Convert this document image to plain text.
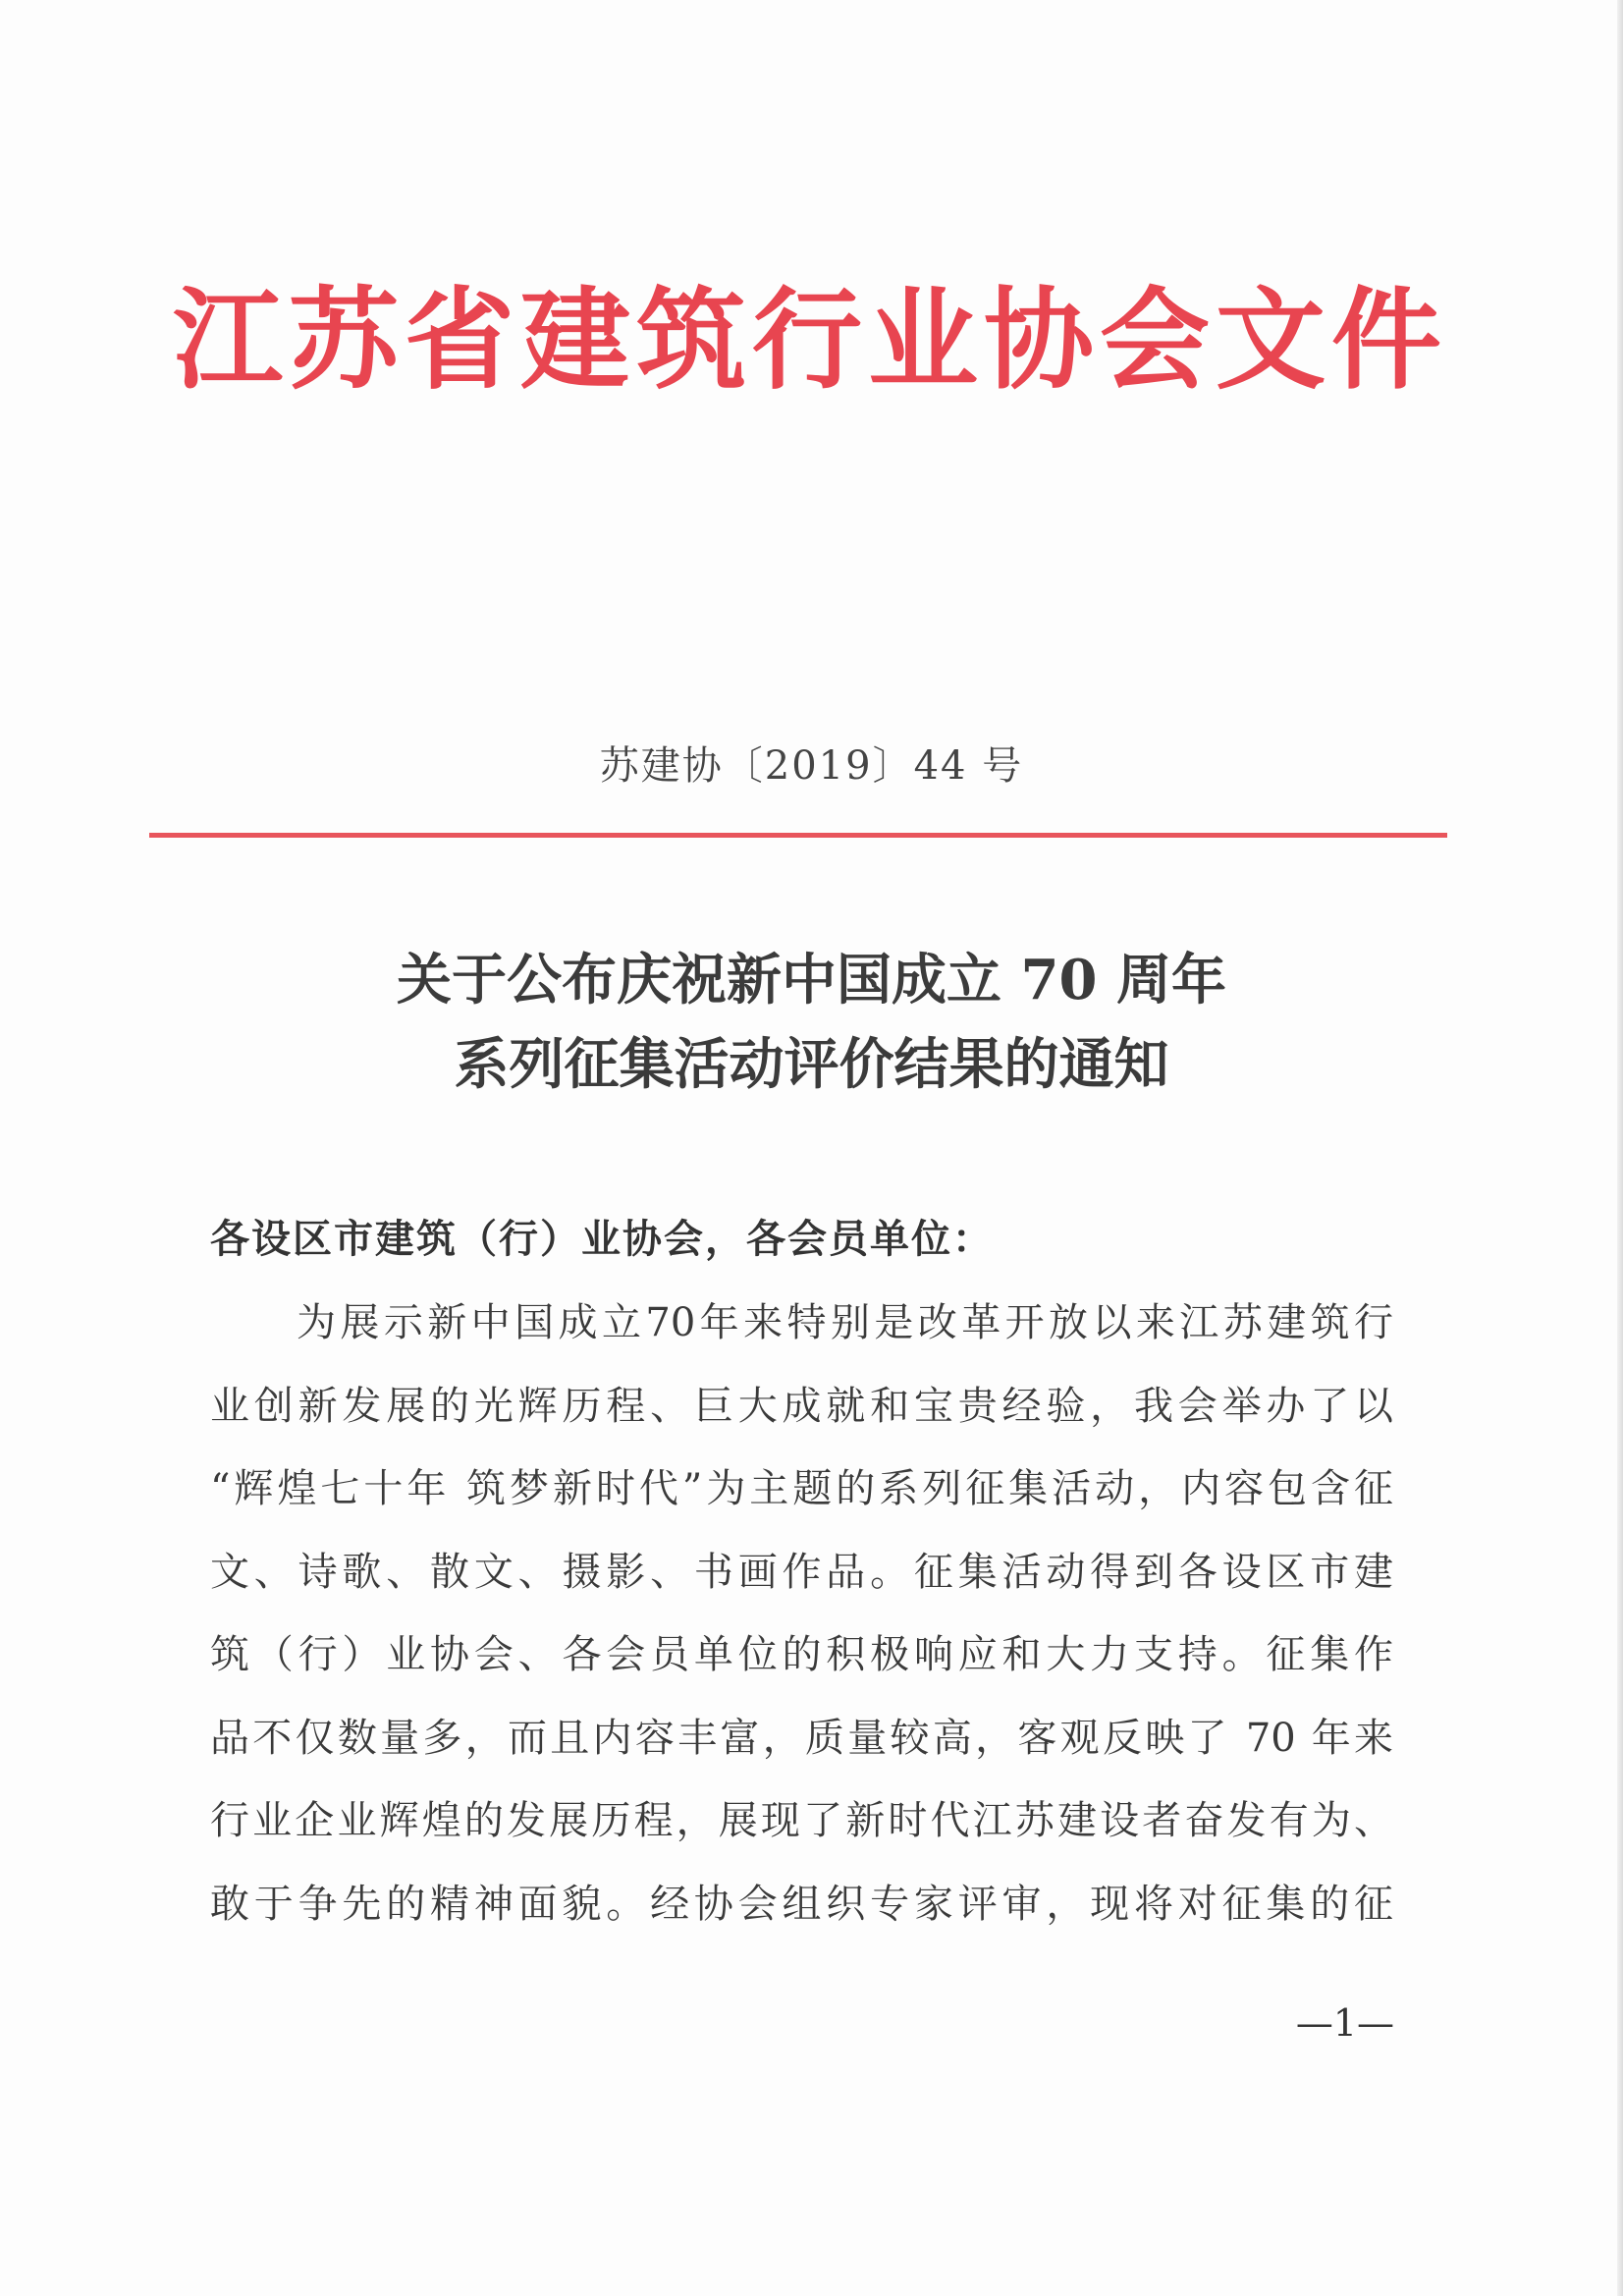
江苏省建筑行业协会文件
苏建协〔2019〕44 号
关于公布庆祝新中国成立 70 周年
系列征集活动评价结果的通知
各设区市建筑（行）业协会，各会员单位：
为展示新中国成立70年来特别是改革开放以来江苏建筑行
业创新发展的光辉历程、巨大成就和宝贵经验，我会举办了以
“辉煌七十年 筑梦新时代”为主题的系列征集活动，内容包含征
文、诗歌、散文、摄影、书画作品。征集活动得到各设区市建
筑（行）业协会、各会员单位的积极响应和大力支持。征集作
品不仅数量多，而且内容丰富，质量较高，客观反映了 70 年来
行业企业辉煌的发展历程，展现了新时代江苏建设者奋发有为、
敢于争先的精神面貌。经协会组织专家评审，现将对征集的征
—1—
